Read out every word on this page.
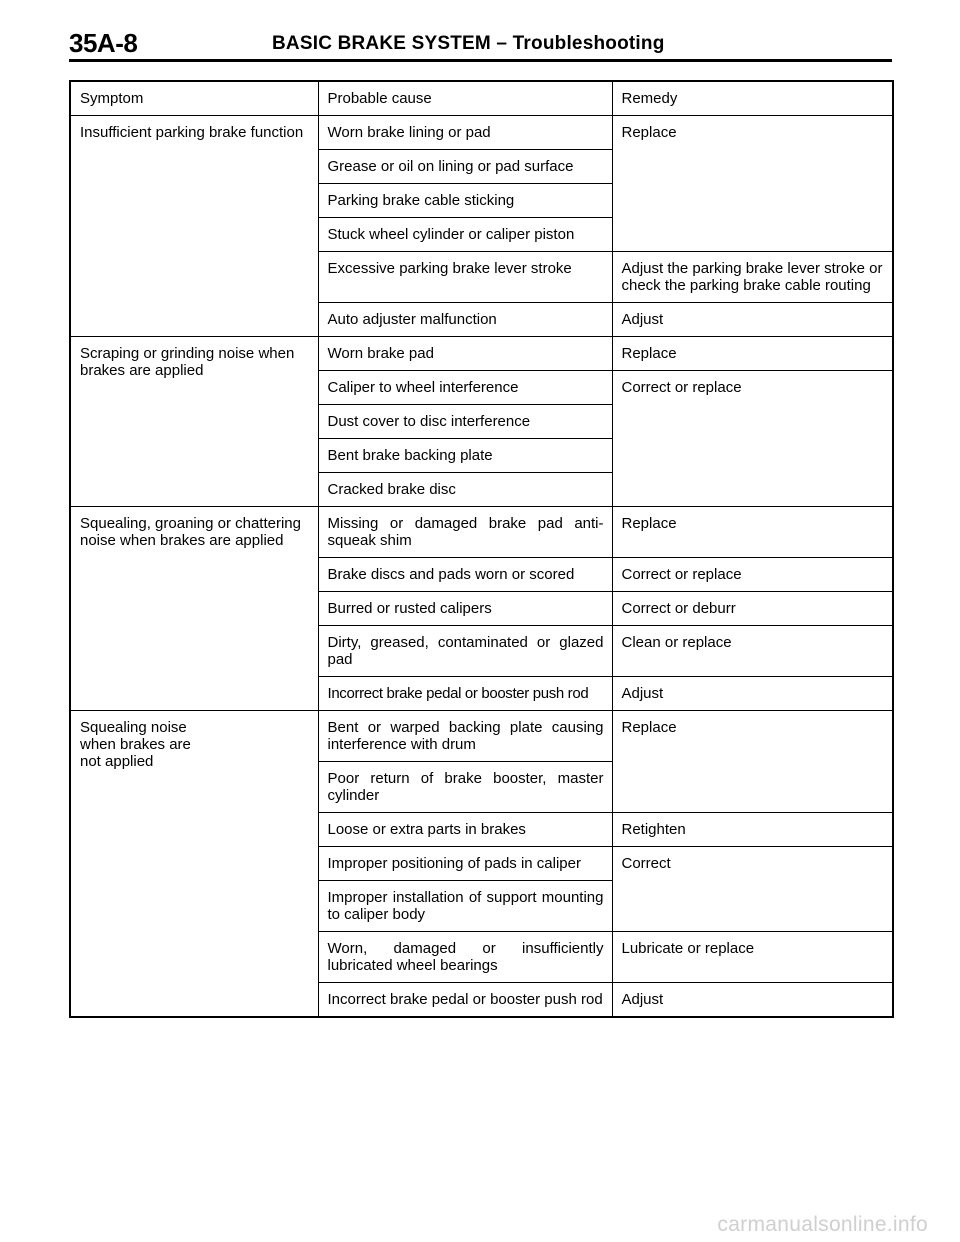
35A-8	BASIC BRAKE SYSTEM – Troubleshooting
Symptom	Probable cause	Remedy
Insufficient parking brake function	Worn brake lining or pad	Replace
	Grease or oil on lining or pad surface	
	Parking brake cable sticking	
	Stuck wheel cylinder or caliper piston	
	Excessive parking brake lever stroke	Adjust the parking brake lever stroke or check the parking brake cable routing
	Auto adjuster malfunction	Adjust
Scraping or grinding noise when brakes are applied	Worn brake pad	Replace
	Caliper to wheel interference	Correct or replace
	Dust cover to disc interference	
	Bent brake backing plate	
	Cracked brake disc	
Squealing, groaning or chattering noise when brakes are applied	Missing or damaged brake pad anti-squeak shim	Replace
	Brake discs and pads worn or scored	Correct or replace
	Burred or rusted calipers	Correct or deburr
	Dirty, greased, contaminated or glazed pad	Clean or replace
	Incorrect brake pedal or booster push rod	Adjust
Squealing noise
when brakes are
not applied	Bent or warped backing plate causing interference with drum	Replace
	Poor return of brake booster, master cylinder	
	Loose or extra parts in brakes	Retighten
	Improper positioning of pads in caliper	Correct
	Improper installation of support mounting to caliper body	
	Worn, damaged or insufficiently lubricated wheel bearings	Lubricate or replace
	Incorrect brake pedal or booster push rod	Adjust
carmanualsonline.info
